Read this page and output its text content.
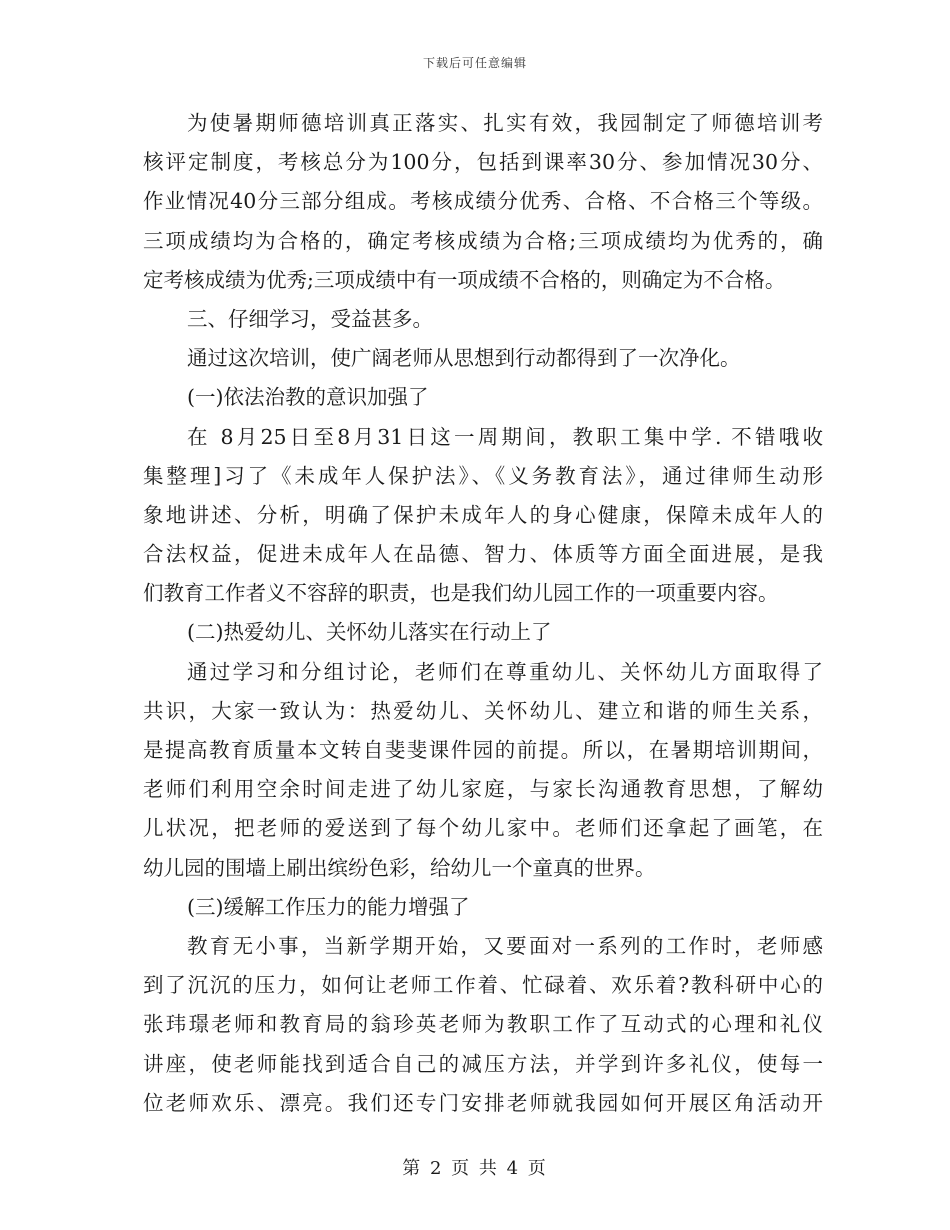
下载后可任意编辑
为使暑期师德培训真正落实、扎实有效，我园制定了师德培训考
核评定制度，考核总分为100分，包括到课率30分、参加情况30分、
作业情况40分三部分组成。考核成绩分优秀、合格、不合格三个等级。
三项成绩均为合格的，确定考核成绩为合格;三项成绩均为优秀的，确
定考核成绩为优秀;三项成绩中有一项成绩不合格的，则确定为不合格。
三、仔细学习，受益甚多。
通过这次培训，使广阔老师从思想到行动都得到了一次净化。
(一)依法治教的意识加强了
在 8月25日至8月31日这一周期间，教职工集中学. 不错哦收
集整理]习了《未成年人保护法》、《义务教育法》，通过律师生动形
象地讲述、分析，明确了保护未成年人的身心健康，保障未成年人的
合法权益，促进未成年人在品德、智力、体质等方面全面进展，是我
们教育工作者义不容辞的职责，也是我们幼儿园工作的一项重要内容。
(二)热爱幼儿、关怀幼儿落实在行动上了
通过学习和分组讨论，老师们在尊重幼儿、关怀幼儿方面取得了
共识，大家一致认为：热爱幼儿、关怀幼儿、建立和谐的师生关系，
是提高教育质量本文转自斐斐课件园的前提。所以，在暑期培训期间，
老师们利用空余时间走进了幼儿家庭，与家长沟通教育思想，了解幼
儿状况，把老师的爱送到了每个幼儿家中。老师们还拿起了画笔，在
幼儿园的围墙上刷出缤纷色彩，给幼儿一个童真的世界。
(三)缓解工作压力的能力增强了
教育无小事，当新学期开始，又要面对一系列的工作时，老师感
到了沉沉的压力，如何让老师工作着、忙碌着、欢乐着?教科研中心的
张玮璟老师和教育局的翁珍英老师为教职工作了互动式的心理和礼仪
讲座，使老师能找到适合自己的减压方法，并学到许多礼仪，使每一
位老师欢乐、漂亮。我们还专门安排老师就我园如何开展区角活动开
第 2 页 共 4 页
